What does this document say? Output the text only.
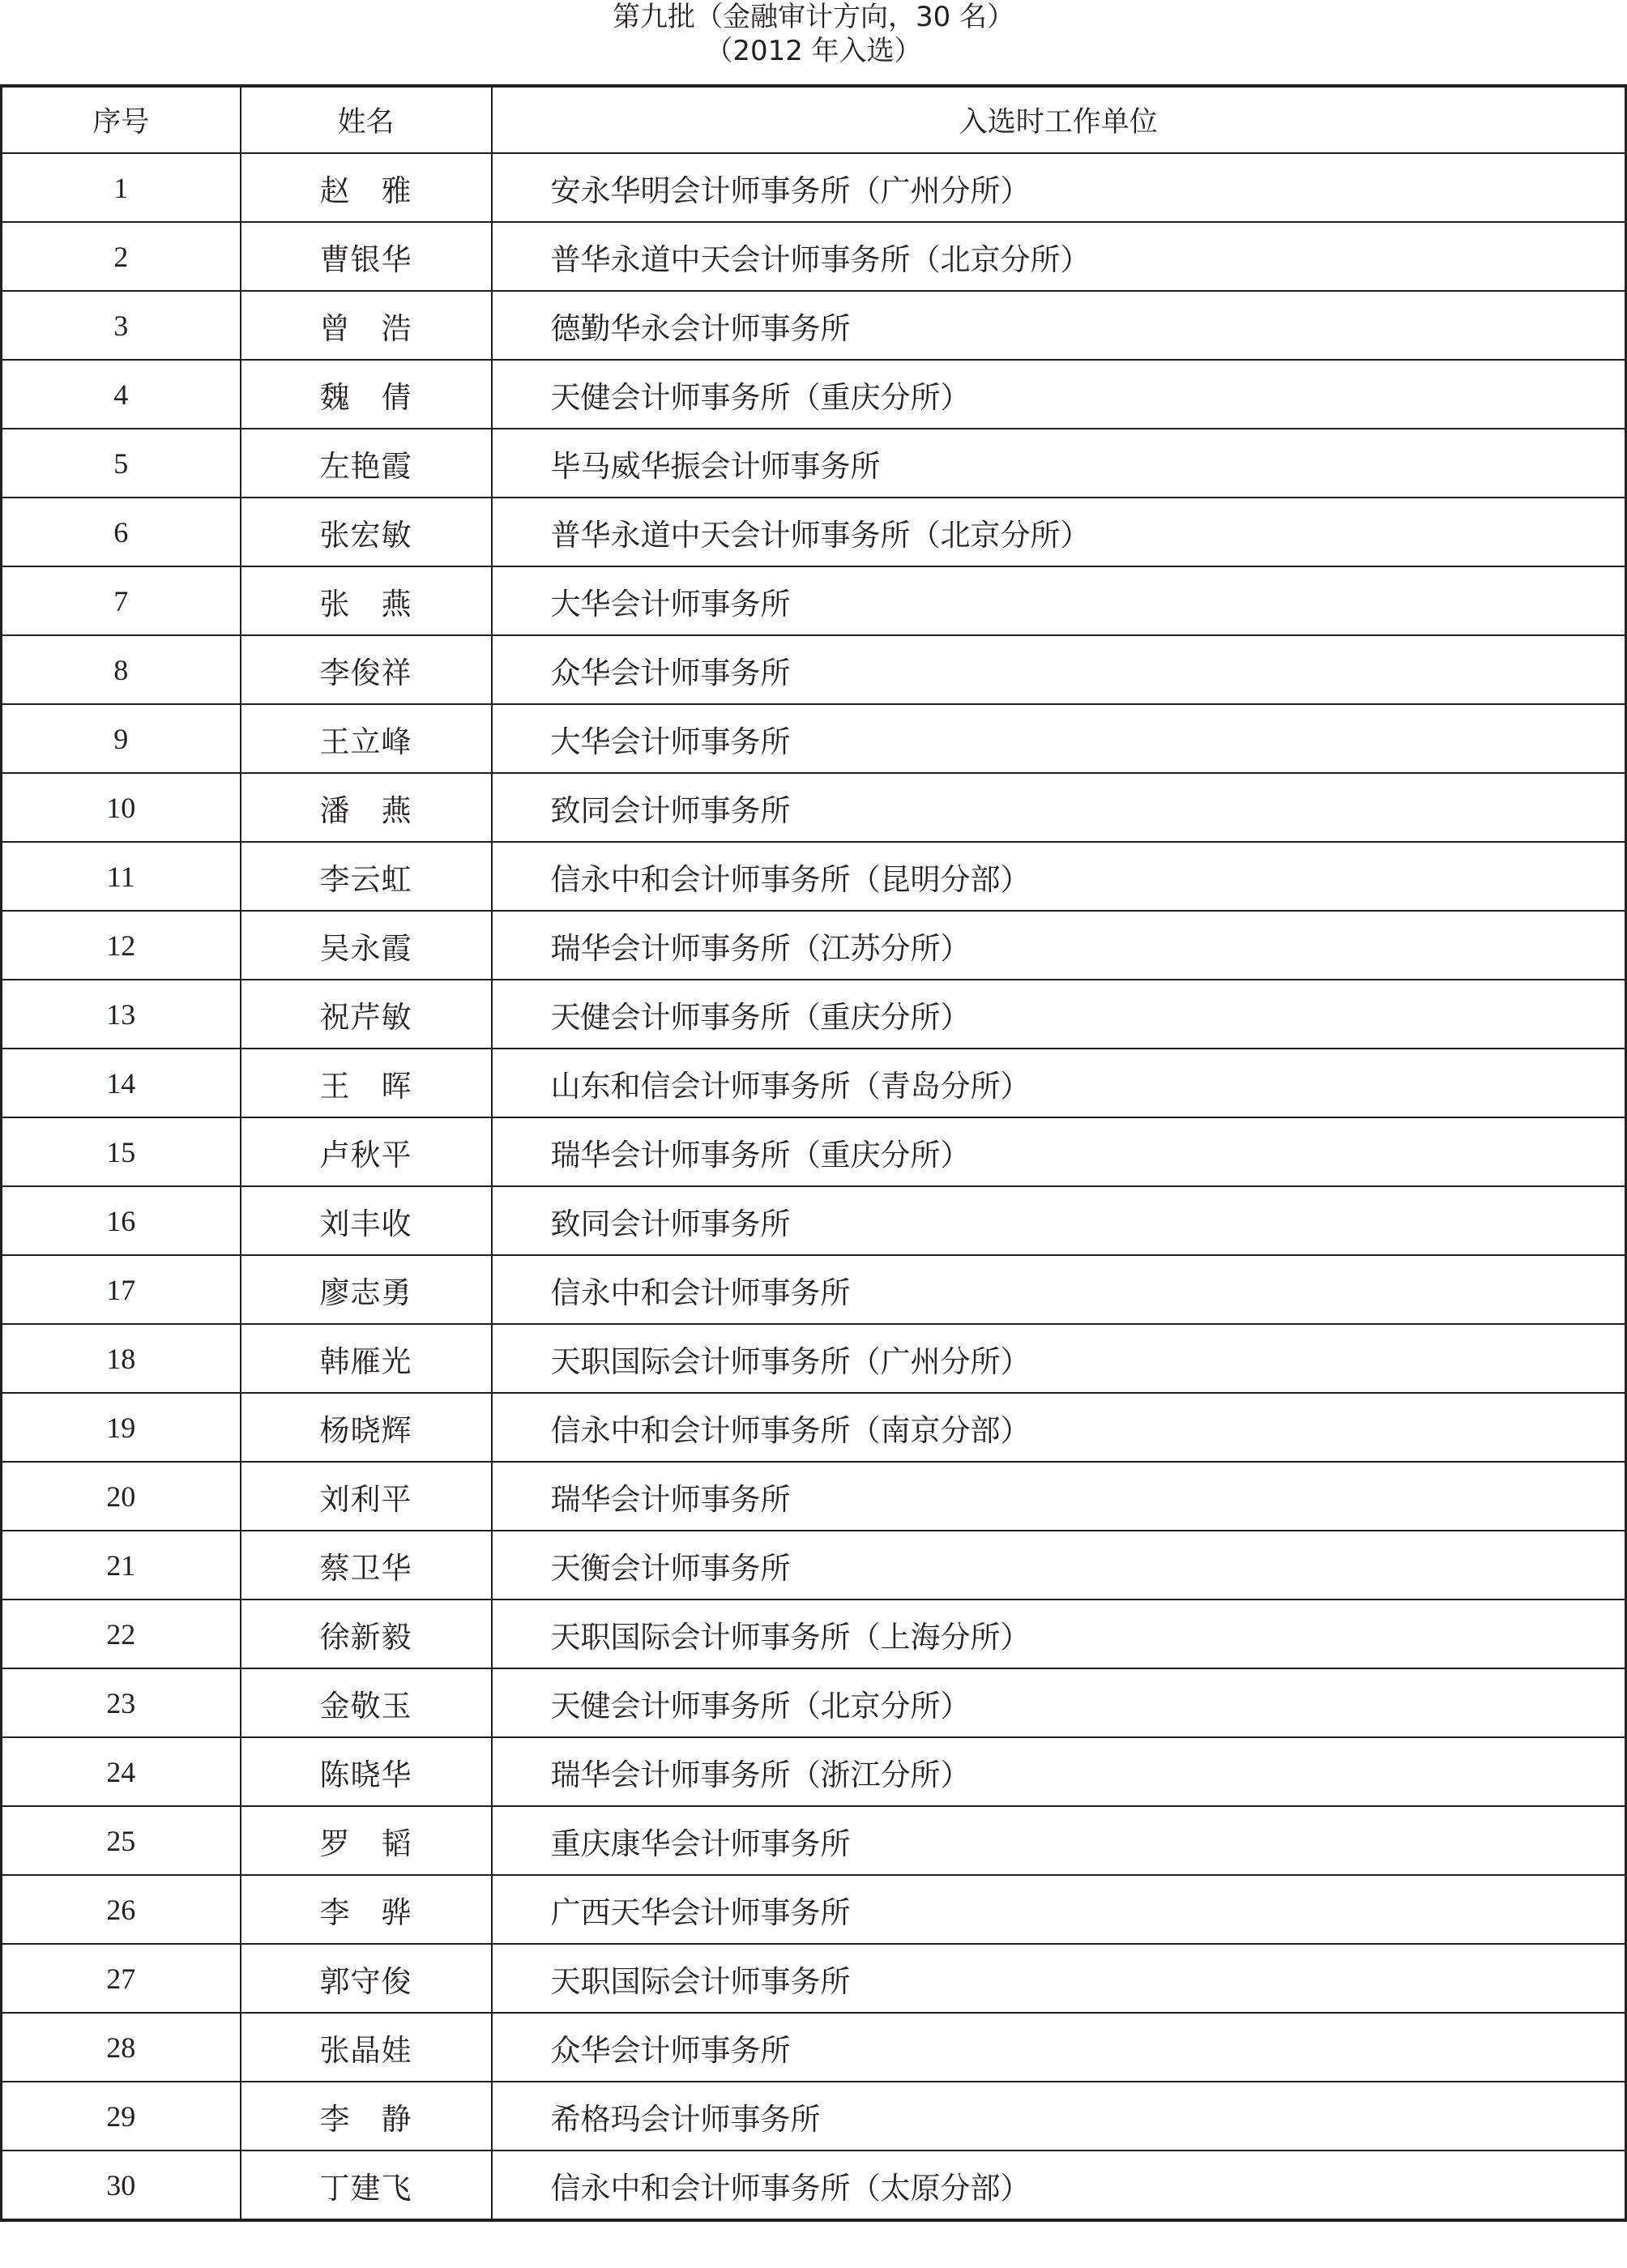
第九批（金融审计方向，30 名）
（2012 年入选）
序号	姓名	入选时工作单位
1	赵　雅	安永华明会计师事务所（广州分所）
2	曹银华	普华永道中天会计师事务所（北京分所）
3	曾　浩	德勤华永会计师事务所
4	魏　倩	天健会计师事务所（重庆分所）
5	左艳霞	毕马威华振会计师事务所
6	张宏敏	普华永道中天会计师事务所（北京分所）
7	张　燕	大华会计师事务所
8	李俊祥	众华会计师事务所
9	王立峰	大华会计师事务所
10	潘　燕	致同会计师事务所
11	李云虹	信永中和会计师事务所（昆明分部）
12	吴永霞	瑞华会计师事务所（江苏分所）
13	祝芹敏	天健会计师事务所（重庆分所）
14	王　晖	山东和信会计师事务所（青岛分所）
15	卢秋平	瑞华会计师事务所（重庆分所）
16	刘丰收	致同会计师事务所
17	廖志勇	信永中和会计师事务所
18	韩雁光	天职国际会计师事务所（广州分所）
19	杨晓辉	信永中和会计师事务所（南京分部）
20	刘利平	瑞华会计师事务所
21	蔡卫华	天衡会计师事务所
22	徐新毅	天职国际会计师事务所（上海分所）
23	金敬玉	天健会计师事务所（北京分所）
24	陈晓华	瑞华会计师事务所（浙江分所）
25	罗　韬	重庆康华会计师事务所
26	李　骅	广西天华会计师事务所
27	郭守俊	天职国际会计师事务所
28	张晶娃	众华会计师事务所
29	李　静	希格玛会计师事务所
30	丁建飞	信永中和会计师事务所（太原分部）
